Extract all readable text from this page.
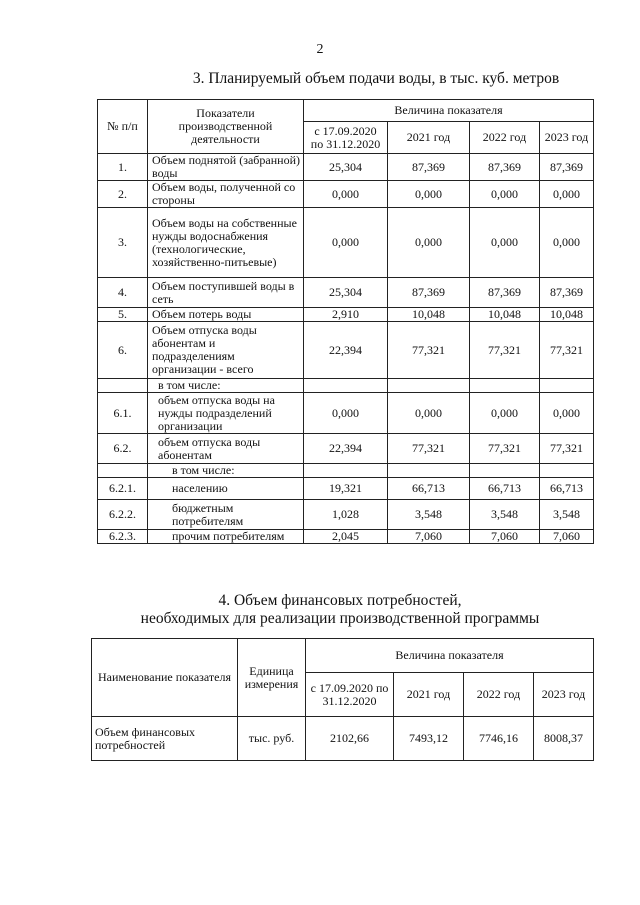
2
3. Планируемый объем подачи воды, в тыс. куб. метров
№ п/п	Показатели производственной деятельности	Величина показателя			
		с 17.09.2020 по 31.12.2020	2021 год	2022 год	2023 год
1.	Объем поднятой (забранной) воды	25,304	87,369	87,369	87,369
2.	Объем воды, полученной со стороны	0,000	0,000	0,000	0,000
3.	Объем воды на собственные нужды водоснабжения (технологические, хозяйственно-питьевые)	0,000	0,000	0,000	0,000
4.	Объем поступившей воды в сеть	25,304	87,369	87,369	87,369
5.	Объем потерь воды	2,910	10,048	10,048	10,048
6.	Объем отпуска воды абонентам и подразделениям организации - всего	22,394	77,321	77,321	77,321
	в том числе:				
6.1.	объем отпуска воды на нужды подразделений организации	0,000	0,000	0,000	0,000
6.2.	объем отпуска воды абонентам	22,394	77,321	77,321	77,321
	в том числе:				
6.2.1.	населению	19,321	66,713	66,713	66,713
6.2.2.	бюджетным потребителям	1,028	3,548	3,548	3,548
6.2.3.	прочим потребителям	2,045	7,060	7,060	7,060
4. Объем финансовых потребностей,
необходимых для реализации производственной программы
Наименование показателя	Единица измерения	Величина показателя			
		с 17.09.2020 по 31.12.2020	2021 год	2022 год	2023 год
Объем финансовых потребностей	тыс. руб.	2102,66	7493,12	7746,16	8008,37
